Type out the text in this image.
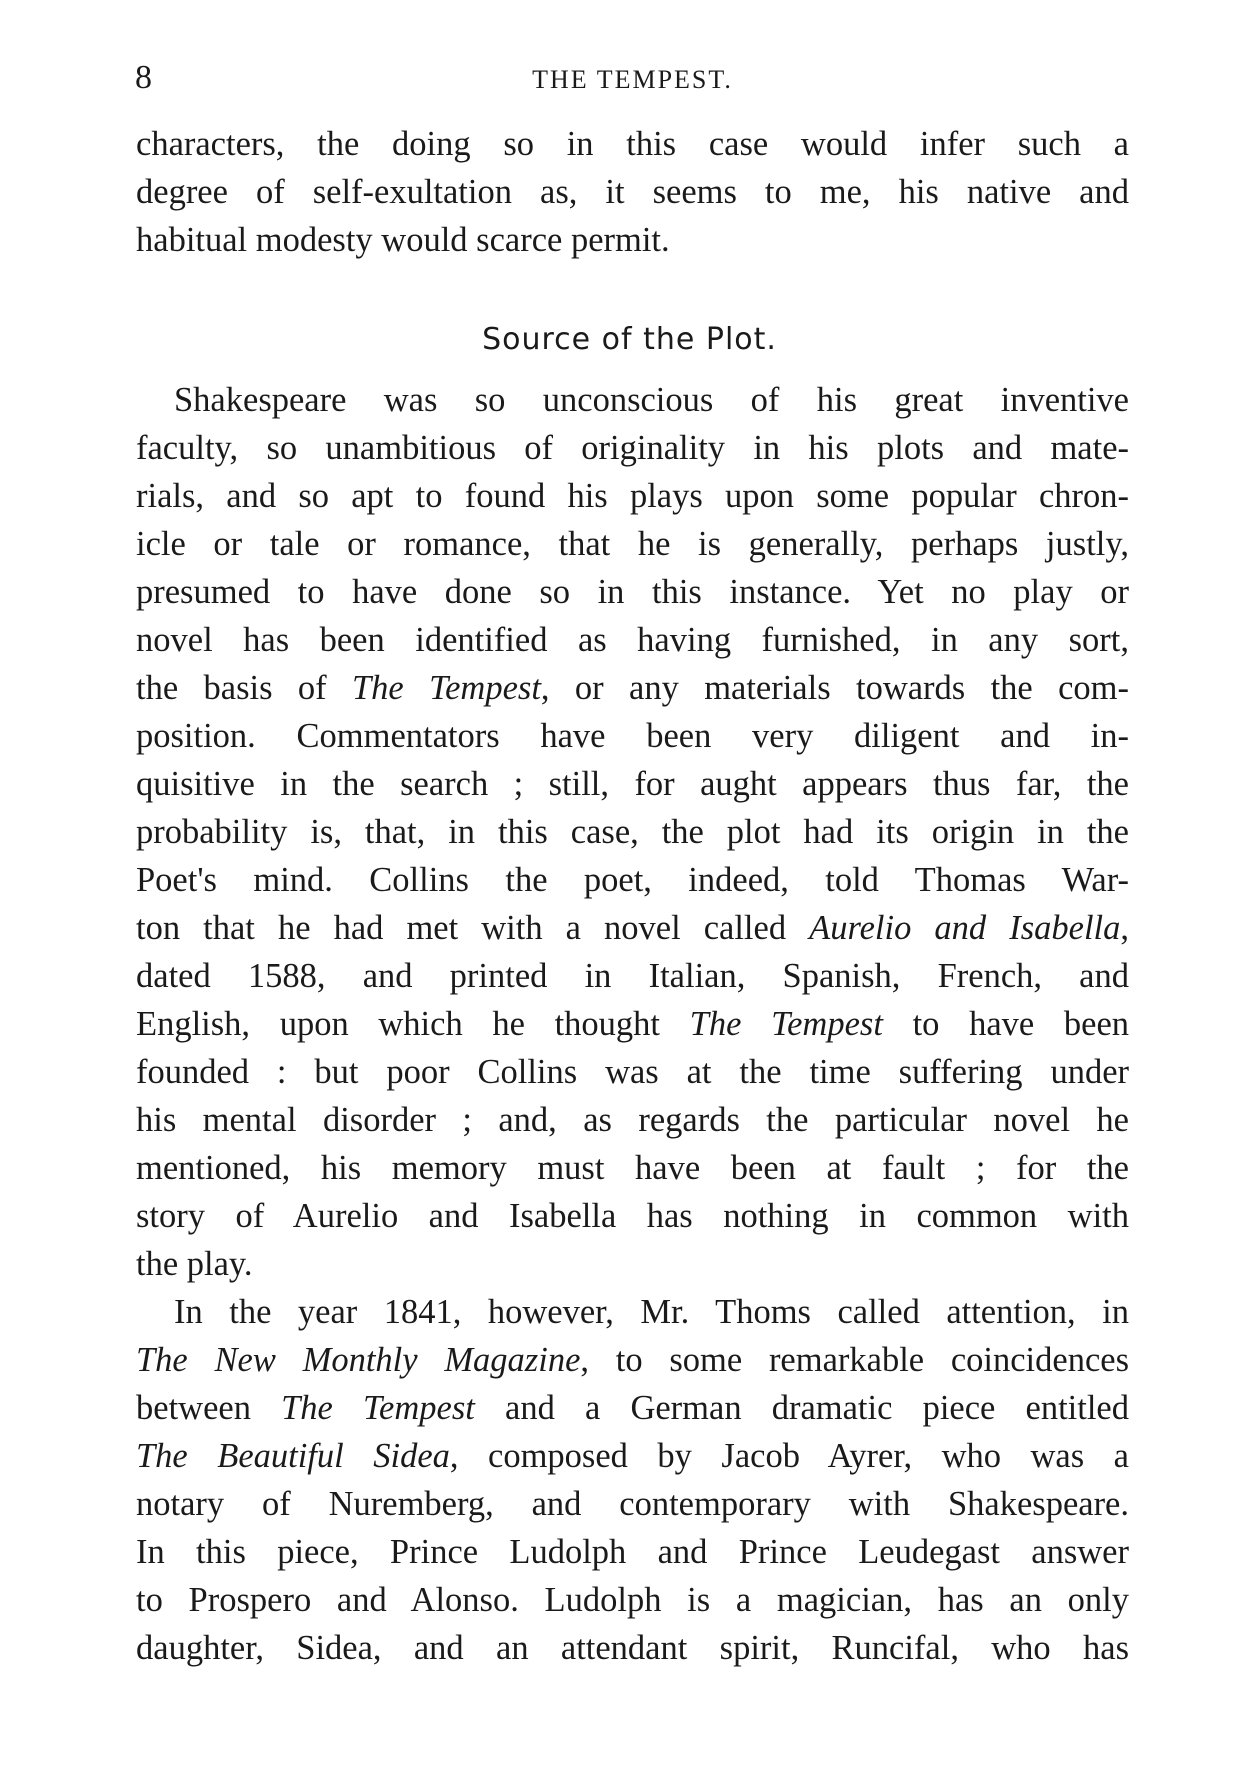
8	THE TEMPEST.
characters, the doing so in this case would infer such a
degree of self-exultation as, it seems to me, his native and
habitual modesty would scarce permit.
Source of the Plot.
Shakespeare was so unconscious of his great inventive
faculty, so unambitious of originality in his plots and mate-
rials, and so apt to found his plays upon some popular chron-
icle or tale or romance, that he is generally, perhaps justly,
presumed to have done so in this instance. Yet no play or
novel has been identified as having furnished, in any sort,
the basis of The Tempest, or any materials towards the com-
position. Commentators have been very diligent and in-
quisitive in the search ; still, for aught appears thus far, the
probability is, that, in this case, the plot had its origin in the
Poet's mind. Collins the poet, indeed, told Thomas War-
ton that he had met with a novel called Aurelio and Isabella,
dated 1588, and printed in Italian, Spanish, French, and
English, upon which he thought The Tempest to have been
founded : but poor Collins was at the time suffering under
his mental disorder ; and, as regards the particular novel he
mentioned, his memory must have been at fault ; for the
story of Aurelio and Isabella has nothing in common with
the play.
In the year 1841, however, Mr. Thoms called attention, in
The New Monthly Magazine, to some remarkable coincidences
between The Tempest and a German dramatic piece entitled
The Beautiful Sidea, composed by Jacob Ayrer, who was a
notary of Nuremberg, and contemporary with Shakespeare.
In this piece, Prince Ludolph and Prince Leudegast answer
to Prospero and Alonso. Ludolph is a magician, has an only
daughter, Sidea, and an attendant spirit, Runcifal, who has
